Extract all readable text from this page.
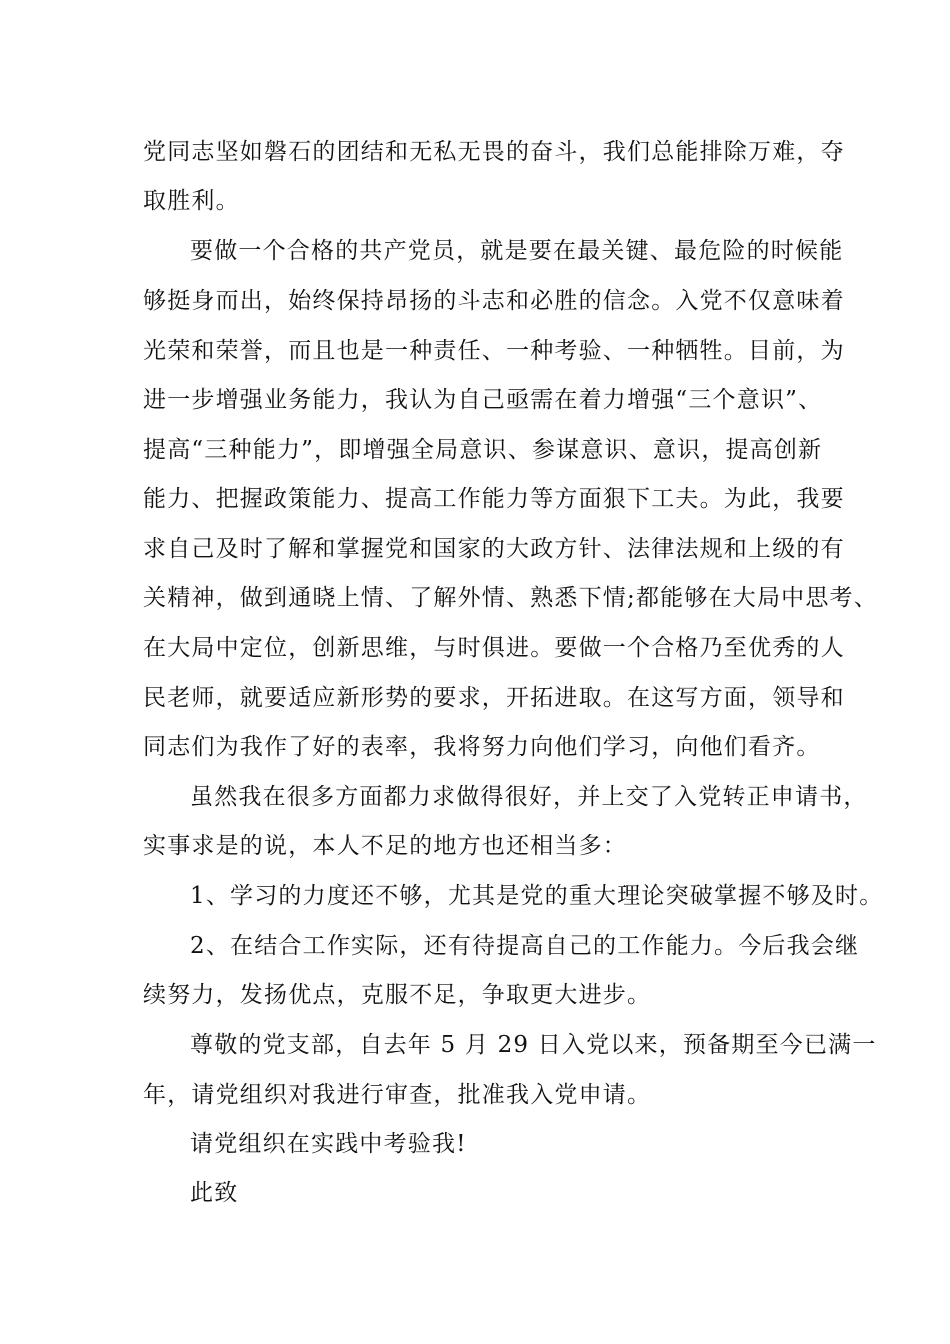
党同志坚如磐石的团结和无私无畏的奋斗，我们总能排除万难，夺
取胜利。
要做一个合格的共产党员，就是要在最关键、最危险的时候能
够挺身而出，始终保持昂扬的斗志和必胜的信念。入党不仅意味着
光荣和荣誉，而且也是一种责任、一种考验、一种牺牲。目前，为
进一步增强业务能力，我认为自己亟需在着力增强“三个意识”、
提高“三种能力”，即增强全局意识、参谋意识、意识，提高创新
能力、把握政策能力、提高工作能力等方面狠下工夫。为此，我要
求自己及时了解和掌握党和国家的大政方针、法律法规和上级的有
关精神，做到通晓上情、了解外情、熟悉下情;都能够在大局中思考、
在大局中定位，创新思维，与时俱进。要做一个合格乃至优秀的人
民老师，就要适应新形势的要求，开拓进取。在这写方面，领导和
同志们为我作了好的表率，我将努力向他们学习，向他们看齐。
虽然我在很多方面都力求做得很好，并上交了入党转正申请书，
实事求是的说，本人不足的地方也还相当多：
1、学习的力度还不够，尤其是党的重大理论突破掌握不够及时。
2、在结合工作实际，还有待提高自己的工作能力。今后我会继
续努力，发扬优点，克服不足，争取更大进步。
尊敬的党支部，自去年 5 月 29 日入党以来，预备期至今已满一
年，请党组织对我进行审查，批准我入党申请。
请党组织在实践中考验我!
此致
